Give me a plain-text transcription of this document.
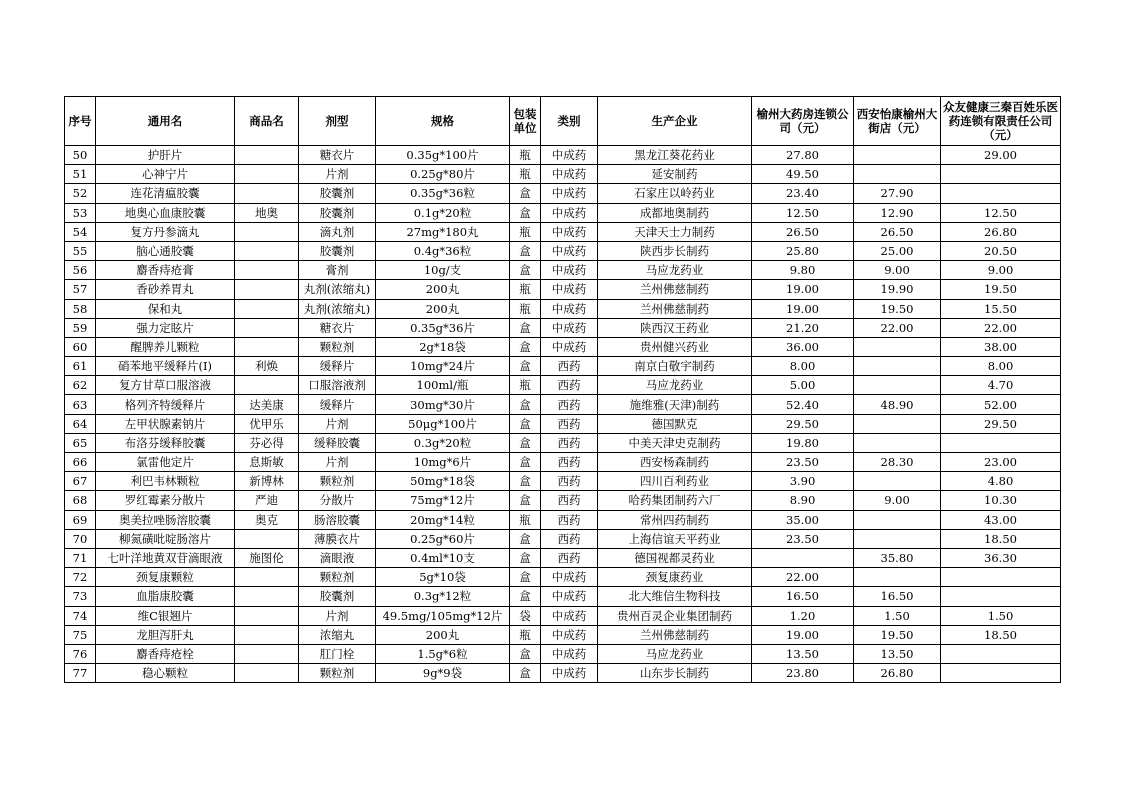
序号	通用名	商品名	剂型	规格	包装单位	类别	生产企业	榆州大药房连锁公司（元）	西安怡康榆州大街店（元）	众友健康三秦百姓乐医药连锁有限责任公司（元）
50	护肝片		糖衣片	0.35g*100片	瓶	中成药	黑龙江葵花药业	27.80		29.00
51	心神宁片		片剂	0.25g*80片	瓶	中成药	延安制药	49.50		
52	连花清瘟胶囊		胶囊剂	0.35g*36粒	盒	中成药	石家庄以岭药业	23.40	27.90	
53	地奥心血康胶囊	地奥	胶囊剂	0.1g*20粒	盒	中成药	成都地奥制药	12.50	12.90	12.50
54	复方丹参滴丸		滴丸剂	27mg*180丸	瓶	中成药	天津天士力制药	26.50	26.50	26.80
55	脑心通胶囊		胶囊剂	0.4g*36粒	盒	中成药	陕西步长制药	25.80	25.00	20.50
56	麝香痔疮膏		膏剂	10g/支	盒	中成药	马应龙药业	9.80	9.00	9.00
57	香砂养胃丸		丸剂(浓缩丸)	200丸	瓶	中成药	兰州佛慈制药	19.00	19.90	19.50
58	保和丸		丸剂(浓缩丸)	200丸	瓶	中成药	兰州佛慈制药	19.00	19.50	15.50
59	强力定眩片		糖衣片	0.35g*36片	盒	中成药	陕西汉王药业	21.20	22.00	22.00
60	醒脾养儿颗粒		颗粒剂	2g*18袋	盒	中成药	贵州健兴药业	36.00		38.00
61	硝苯地平缓释片(Ⅰ)	利焕	缓释片	10mg*24片	盒	西药	南京白敬宇制药	8.00		8.00
62	复方甘草口服溶液		口服溶液剂	100ml/瓶	瓶	西药	马应龙药业	5.00		4.70
63	格列齐特缓释片	达美康	缓释片	30mg*30片	盒	西药	施维雅(天津)制药	52.40	48.90	52.00
64	左甲状腺素钠片	优甲乐	片剂	50μg*100片	盒	西药	德国默克	29.50		29.50
65	布洛芬缓释胶囊	芬必得	缓释胶囊	0.3g*20粒	盒	西药	中美天津史克制药	19.80		
66	氯雷他定片	息斯敏	片剂	10mg*6片	盒	西药	西安杨森制药	23.50	28.30	23.00
67	利巴韦林颗粒	新博林	颗粒剂	50mg*18袋	盒	西药	四川百利药业	3.90		4.80
68	罗红霉素分散片	严迪	分散片	75mg*12片	盒	西药	哈药集团制药六厂	8.90	9.00	10.30
69	奥美拉唑肠溶胶囊	奥克	肠溶胶囊	20mg*14粒	瓶	西药	常州四药制药	35.00		43.00
70	柳氮磺吡啶肠溶片		薄膜衣片	0.25g*60片	盒	西药	上海信谊天平药业	23.50		18.50
71	七叶洋地黄双苷滴眼液	施图伦	滴眼液	0.4ml*10支	盒	西药	德国视都灵药业		35.80	36.30
72	颈复康颗粒		颗粒剂	5g*10袋	盒	中成药	颈复康药业	22.00		
73	血脂康胶囊		胶囊剂	0.3g*12粒	盒	中成药	北大维信生物科技	16.50	16.50	
74	维C银翘片		片剂	49.5mg/105mg*12片	袋	中成药	贵州百灵企业集团制药	1.20	1.50	1.50
75	龙胆泻肝丸		浓缩丸	200丸	瓶	中成药	兰州佛慈制药	19.00	19.50	18.50
76	麝香痔疮栓		肛门栓	1.5g*6粒	盒	中成药	马应龙药业	13.50	13.50	
77	稳心颗粒		颗粒剂	9g*9袋	盒	中成药	山东步长制药	23.80	26.80	
